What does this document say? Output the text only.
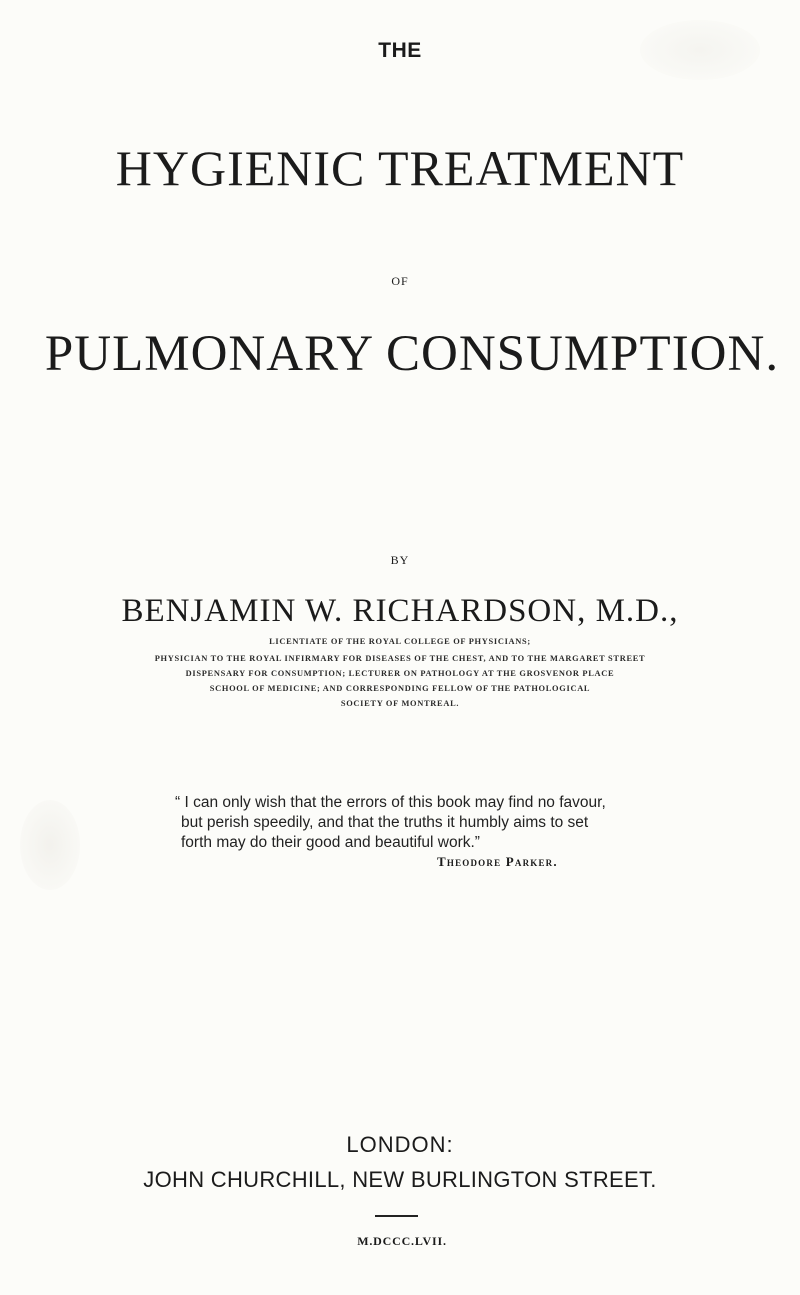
THE
HYGIENIC TREATMENT
OF
PULMONARY CONSUMPTION.
BY
BENJAMIN W. RICHARDSON, M.D.,
LICENTIATE OF THE ROYAL COLLEGE OF PHYSICIANS;
PHYSICIAN TO THE ROYAL INFIRMARY FOR DISEASES OF THE CHEST, AND TO THE MARGARET STREET
DISPENSARY FOR CONSUMPTION; LECTURER ON PATHOLOGY AT THE GROSVENOR PLACE
SCHOOL OF MEDICINE; AND CORRESPONDING FELLOW OF THE PATHOLOGICAL
SOCIETY OF MONTREAL.
“ I can only wish that the errors of this book may find no favour,
but perish speedily, and that the truths it humbly aims to set
forth may do their good and beautiful work.”
Theodore Parker.
LONDON:
JOHN CHURCHILL, NEW BURLINGTON STREET.
M.DCCC.LVII.
